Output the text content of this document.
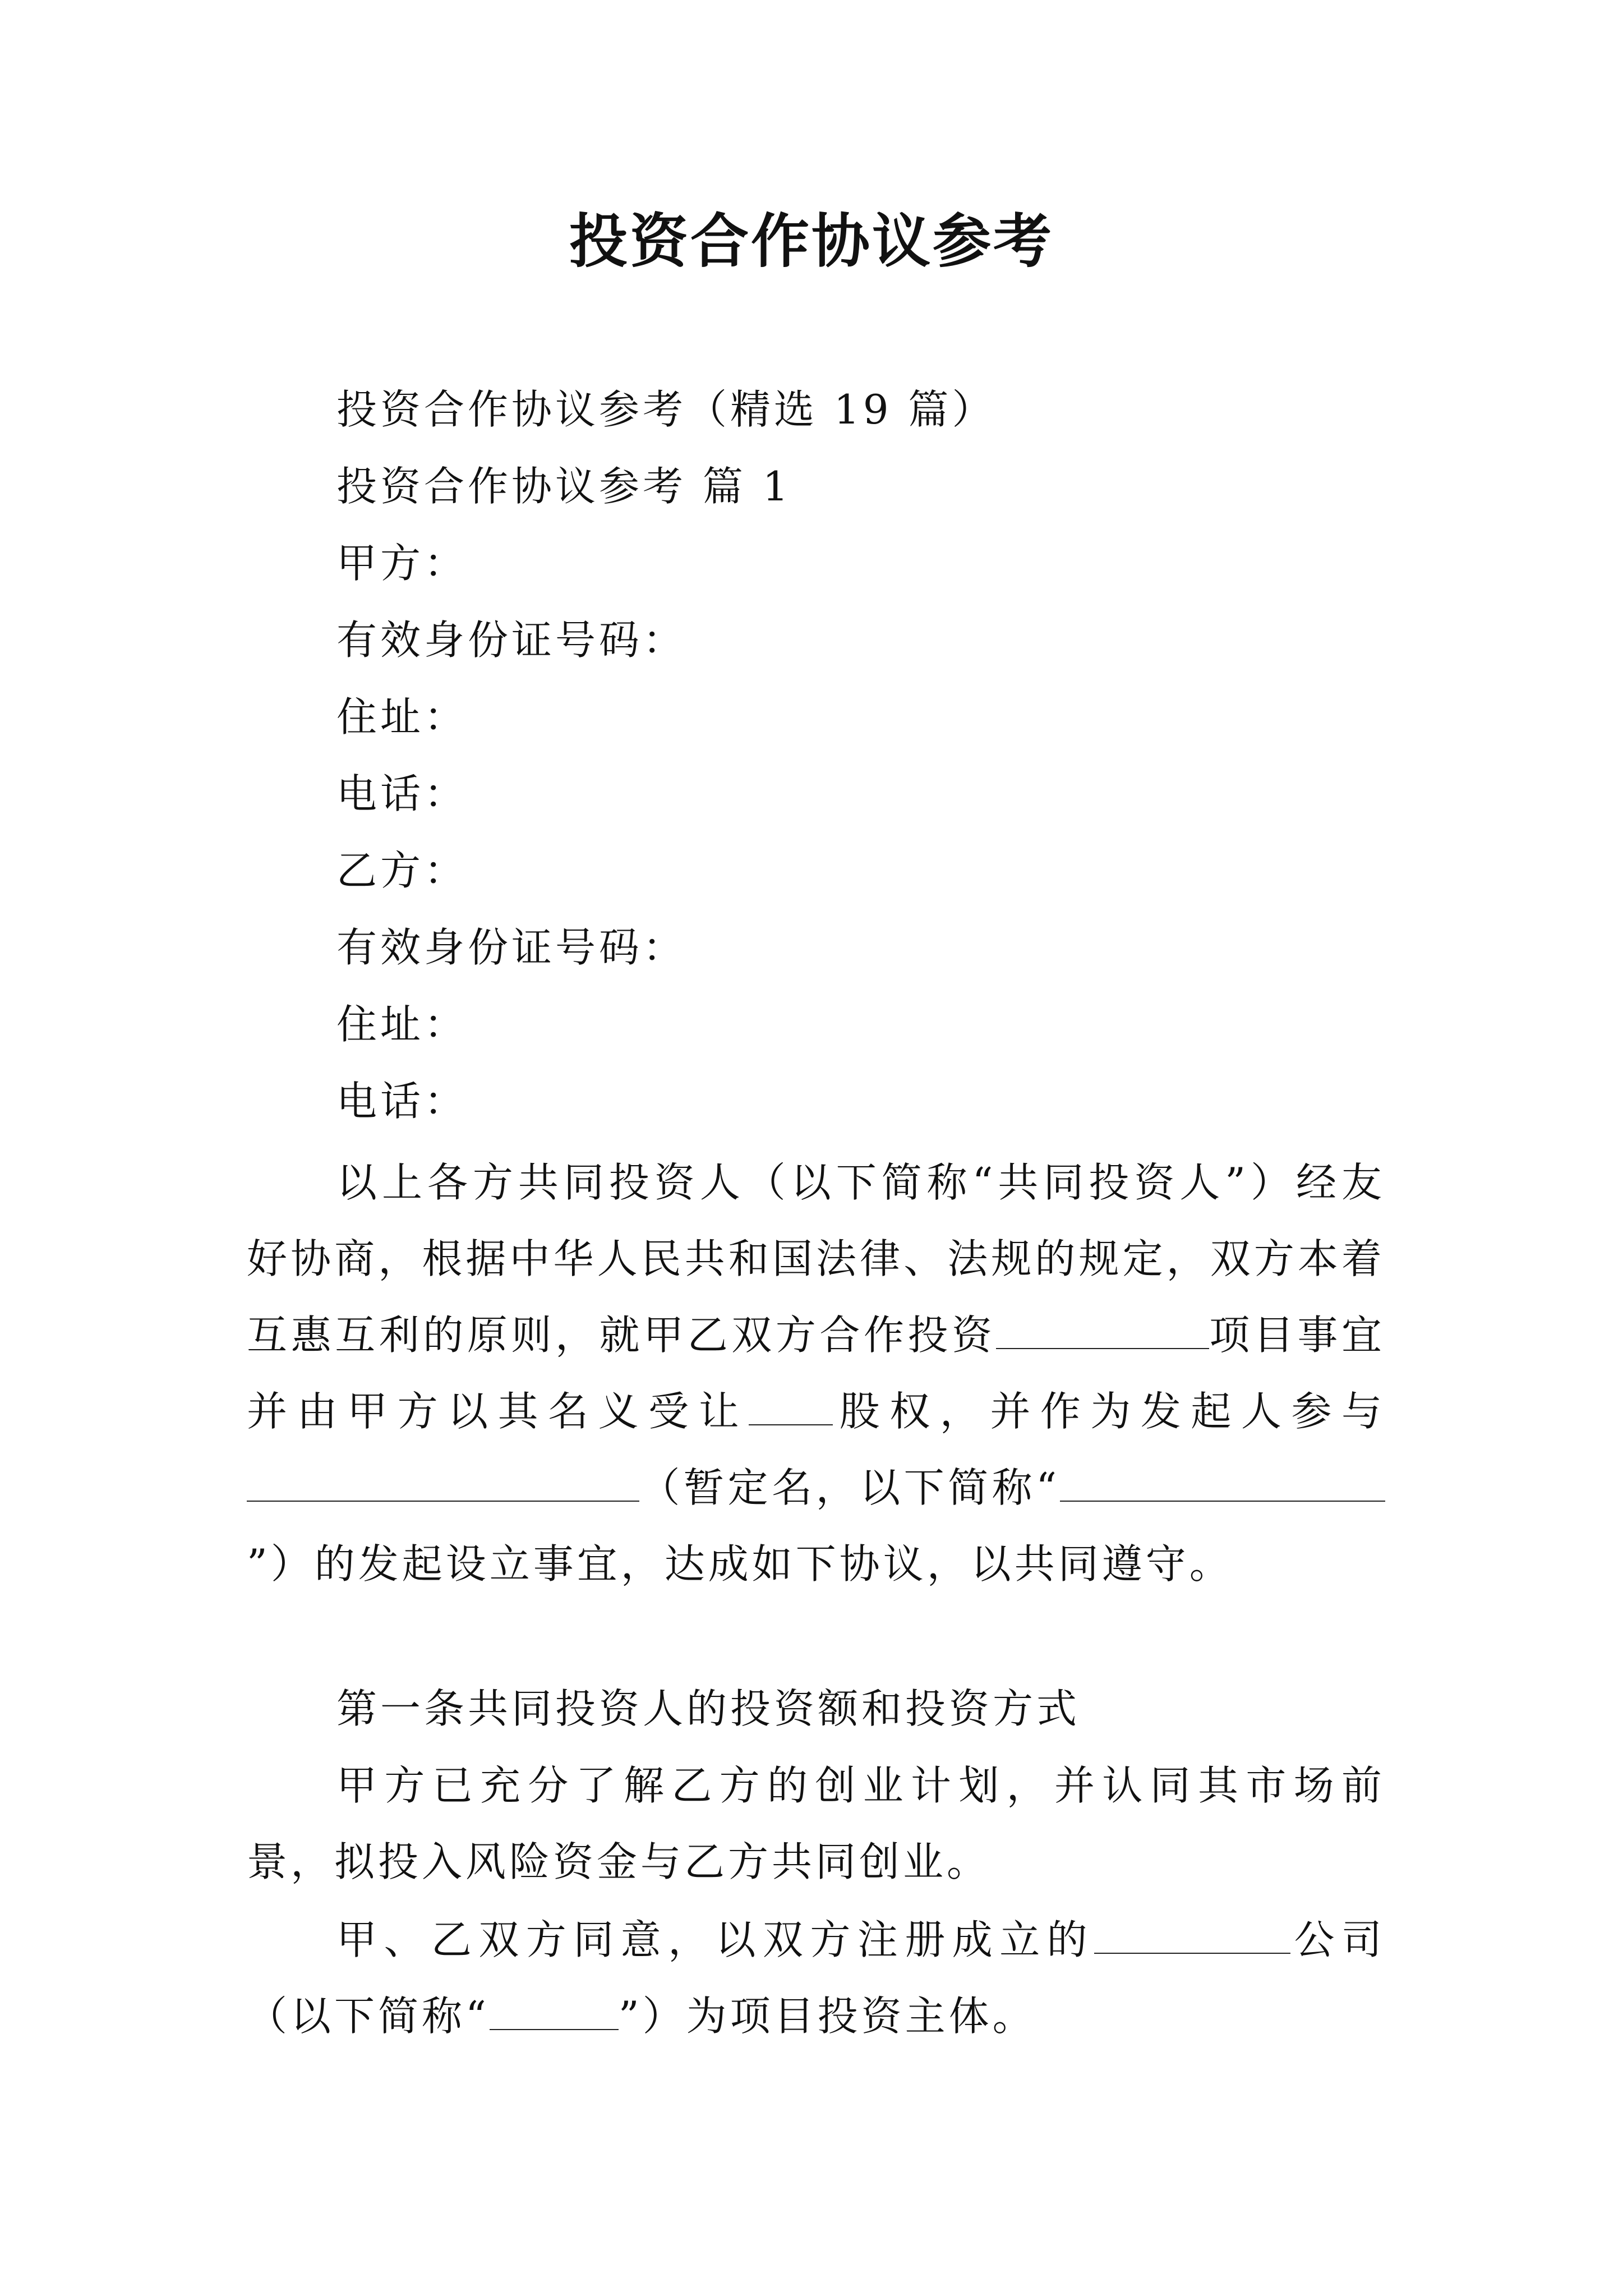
投资合作协议参考
投资合作协议参考（精选 19 篇）
投资合作协议参考 篇 1
甲方：
有效身份证号码：
住址：
电话：
乙方：
有效身份证号码：
住址：
电话：
以上各方共同投资人（以下简称“共同投资人”）经友好协商，根据中华人民共和国法律、法规的规定，双方本着互惠互利的原则，就甲乙双方合作投资	项目事宜并由甲方以其名义受让 股权，并作为发起人参与（暂定名，以下简称“”）的发起设立事宜，达成如下协议，以共同遵守。
第一条共同投资人的投资额和投资方式
甲方已充分了解乙方的创业计划，并认同其市场前景，拟投入风险资金与乙方共同创业。
甲、乙双方同意，以双方注册成立的	公司（以下简称“	”）为项目投资主体。
